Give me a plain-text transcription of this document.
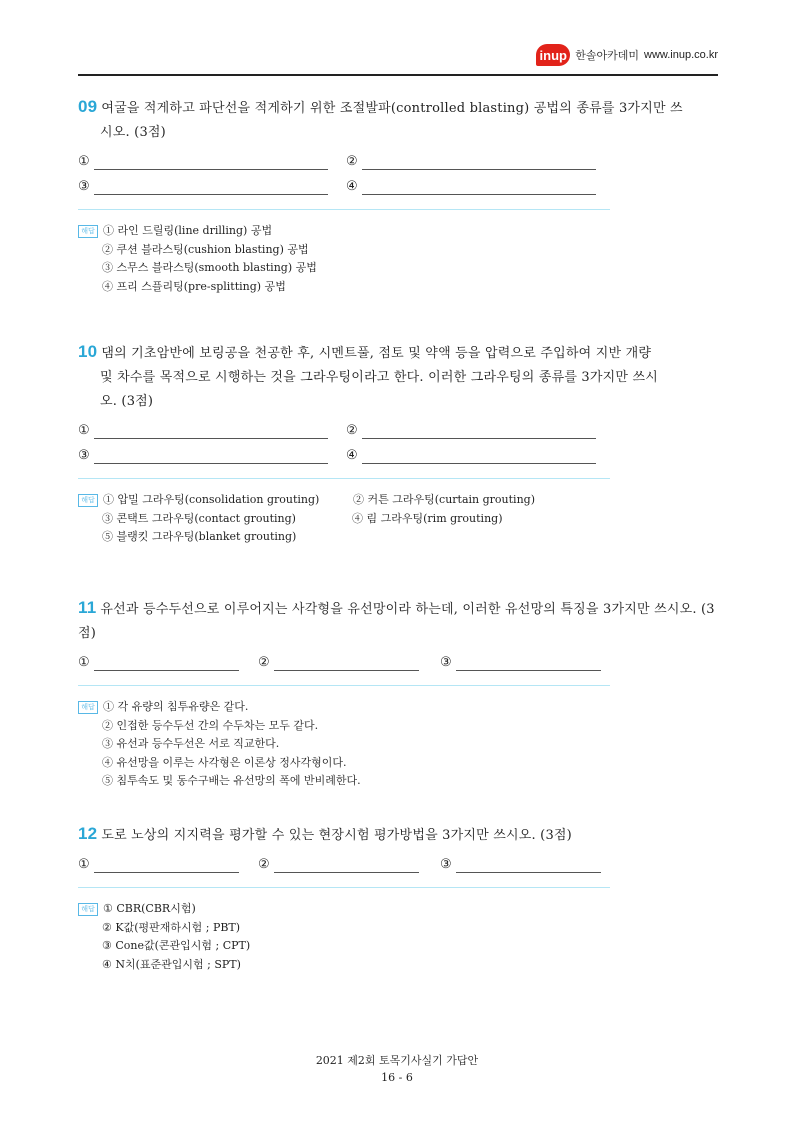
inup 한솔아카데미 www.inup.co.kr

09 여굴을 적게하고 파단선을 적게하기 위한 조절발파(controlled blasting) 공법의 종류를 3가지만 쓰

시오. (3점)

①	②
③	④
해답 ① 라인 드릴링(line drilling) 공법
② 쿠션 블라스팅(cushion blasting) 공법
③ 스무스 블라스팅(smooth blasting) 공법
④ 프리 스플리팅(pre-splitting) 공법

10 댐의 기초암반에 보링공을 천공한 후, 시멘트풀, 점토 및 약액 등을 압력으로 주입하여 지반 개량

및 차수를 목적으로 시행하는 것을 그라우팅이라고 한다. 이러한 그라우팅의 종류를 3가지만 쓰시

오. (3점)

①	②
③	④
해답 ① 압밀 그라우팅(consolidation grouting)	② 커튼 그라우팅(curtain grouting)
③ 콘택트 그라우팅(contact grouting)	④ 림 그라우팅(rim grouting)
⑤ 블랭킷 그라우팅(blanket grouting)

11 유선과 등수두선으로 이루어지는 사각형을 유선망이라 하는데, 이러한 유선망의 특징을 3가지만 쓰시오. (3점)

①	②	③
해답 ① 각 유량의 침투유량은 같다.
② 인접한 등수두선 간의 수두차는 모두 같다.
③ 유선과 등수두선은 서로 직교한다.
④ 유선망을 이루는 사각형은 이론상 정사각형이다.
⑤ 침투속도 및 동수구배는 유선망의 폭에 반비례한다.

12 도로 노상의 지지력을 평가할 수 있는 현장시험 평가방법을 3가지만 쓰시오. (3점)

①	②	③
해답 ① CBR(CBR시험)
② K값(평판재하시험 ; PBT)
③ Cone값(콘관입시험 ; CPT)
④ N치(표준관입시험 ; SPT)
2021 제2회 토목기사실기 가답안
16 - 6
